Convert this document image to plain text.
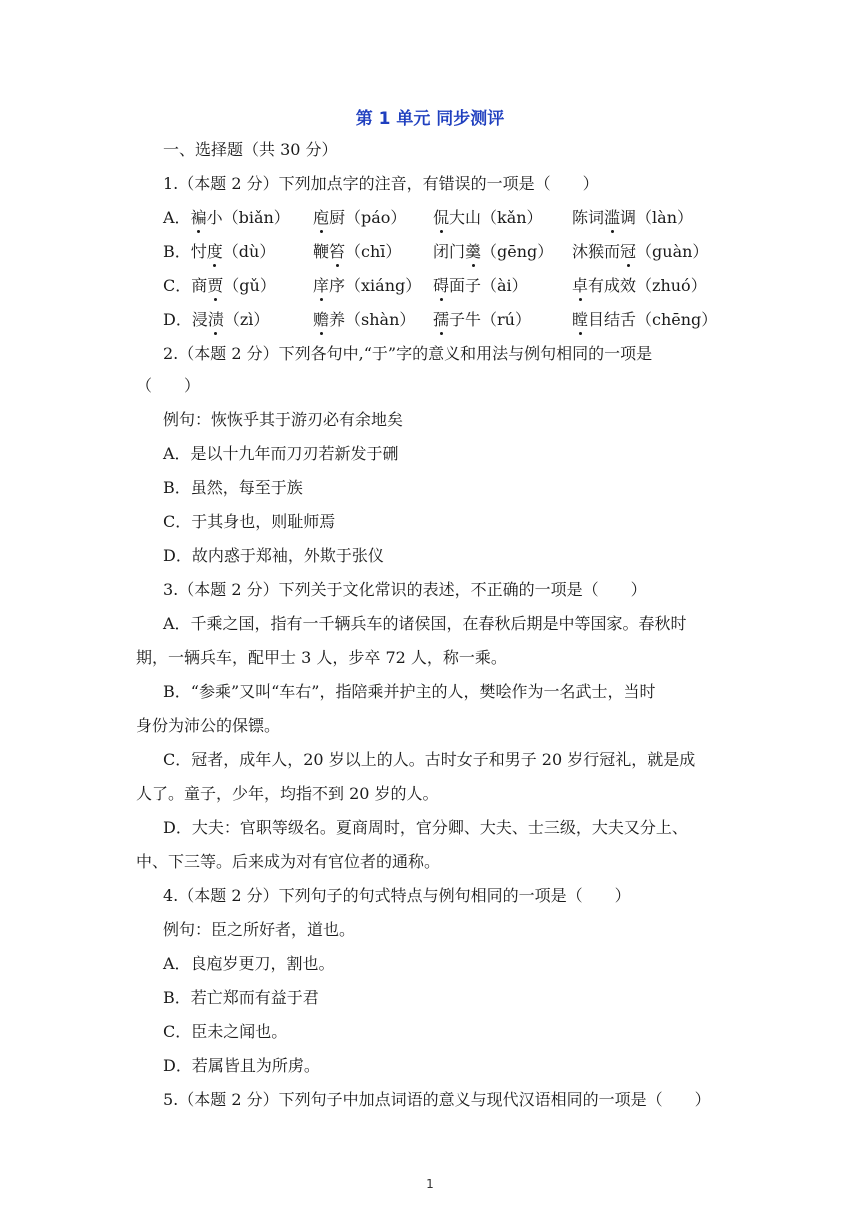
第 1 单元 同步测评
一、选择题（共 30 分）
1.（本题 2 分）下列加点字的注音，有错误的一项是（　　）
A．褊小（biǎn） 庖厨（páo） 侃大山（kǎn） 陈词滥调（làn）
B．忖度（dù） 鞭笞（chī） 闭门羹（gēng） 沐猴而冠（guàn）
C．商贾（gǔ） 庠序（xiáng） 碍面子（ài）	卓有成效（zhuó）
D．浸渍（zì）	赡养（shàn） 孺子牛（rú）	瞠目结舌（chēng）
2.（本题 2 分）下列各句中,“于”字的意义和用法与例句相同的一项是
（　　）
例句：恢恢乎其于游刃必有余地矣
A．是以十九年而刀刃若新发于硎
B．虽然，每至于族
C．于其身也，则耻师焉
D．故内惑于郑袖，外欺于张仪
3.（本题 2 分）下列关于文化常识的表述，不正确的一项是（　　）
A．千乘之国，指有一千辆兵车的诸侯国，在春秋后期是中等国家。春秋时
期，一辆兵车，配甲士 3 人，步卒 72 人，称一乘。
B．“参乘”又叫“车右”，指陪乘并护主的人，樊哙作为一名武士，当时
身份为沛公的保镖。
C．冠者，成年人，20 岁以上的人。古时女子和男子 20 岁行冠礼，就是成
人了。童子，少年，均指不到 20 岁的人。
D．大夫：官职等级名。夏商周时，官分卿、大夫、士三级，大夫又分上、
中、下三等。后来成为对有官位者的通称。
4.（本题 2 分）下列句子的句式特点与例句相同的一项是（　　）
例句：臣之所好者，道也。
A．良庖岁更刀，割也。
B．若亡郑而有益于君
C．臣未之闻也。
D．若属皆且为所虏。
5.（本题 2 分）下列句子中加点词语的意义与现代汉语相同的一项是（　　）
1
